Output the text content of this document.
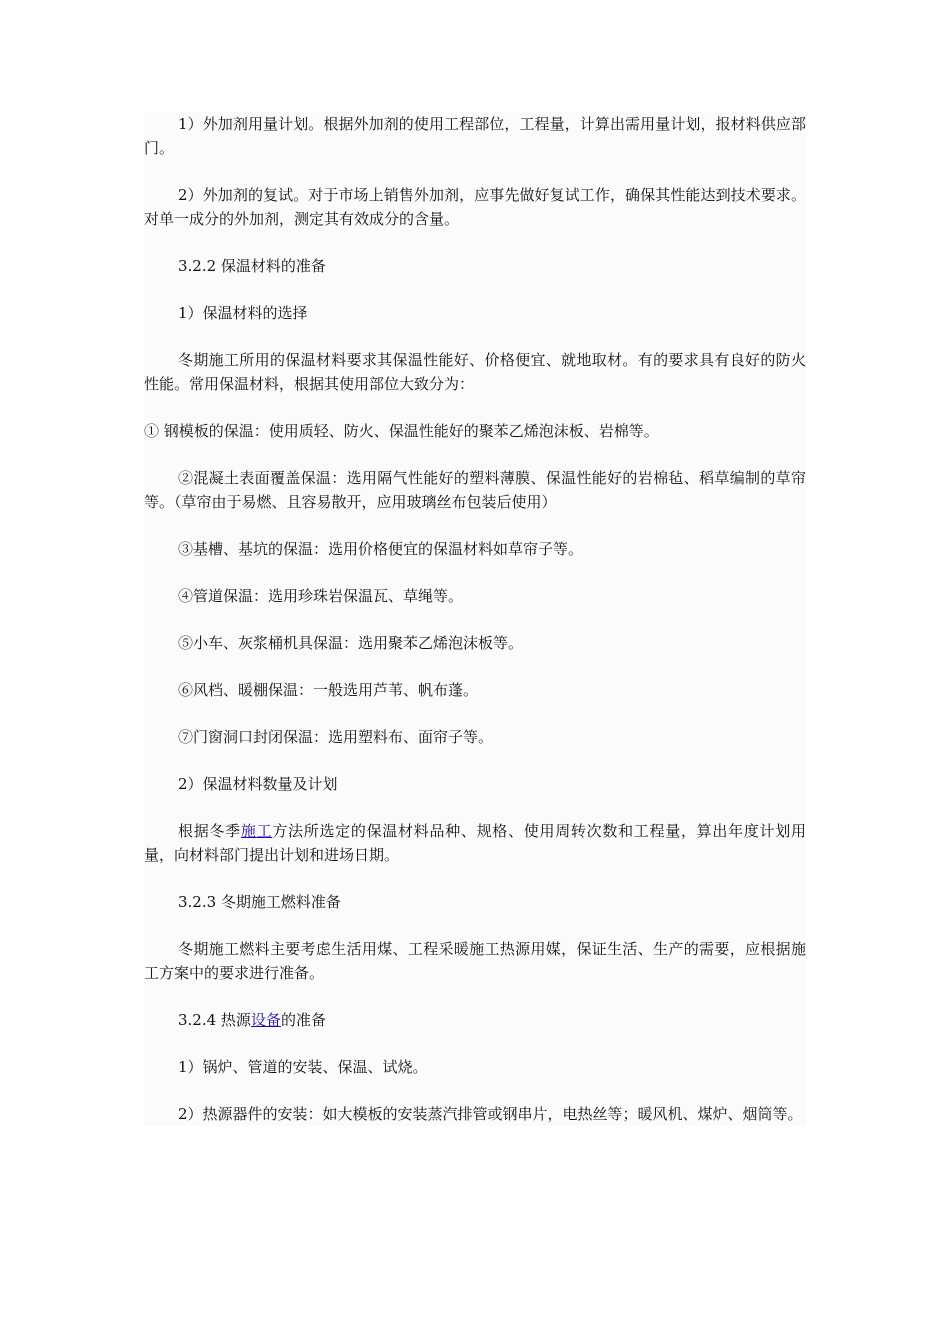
1）外加剂用量计划。根据外加剂的使用工程部位，工程量，计算出需用量计划，报材料供应部门。

2）外加剂的复试。对于市场上销售外加剂，应事先做好复试工作，确保其性能达到技术要求。对单一成分的外加剂，测定其有效成分的含量。

3.2.2 保温材料的准备

1）保温材料的选择

冬期施工所用的保温材料要求其保温性能好、价格便宜、就地取材。有的要求具有良好的防火性能。常用保温材料，根据其使用部位大致分为：

① 钢模板的保温：使用质轻、防火、保温性能好的聚苯乙烯泡沫板、岩棉等。

②混凝土表面覆盖保温：选用隔气性能好的塑料薄膜、保温性能好的岩棉毡、稻草编制的草帘等。（草帘由于易燃、且容易散开，应用玻璃丝布包装后使用）

③基槽、基坑的保温：选用价格便宜的保温材料如草帘子等。

④管道保温：选用珍珠岩保温瓦、草绳等。

⑤小车、灰浆桶机具保温：选用聚苯乙烯泡沫板等。

⑥风档、暖棚保温：一般选用芦苇、帆布蓬。

⑦门窗洞口封闭保温：选用塑料布、面帘子等。

2）保温材料数量及计划

根据冬季施工方法所选定的保温材料品种、规格、使用周转次数和工程量，算出年度计划用量，向材料部门提出计划和进场日期。

3.2.3 冬期施工燃料准备

冬期施工燃料主要考虑生活用煤、工程采暖施工热源用媒，保证生活、生产的需要，应根据施工方案中的要求进行准备。

3.2.4 热源设备的准备

1）锅炉、管道的安装、保温、试烧。

2）热源器件的安装：如大模板的安装蒸汽排管或钢串片，电热丝等；暖风机、煤炉、烟筒等。
